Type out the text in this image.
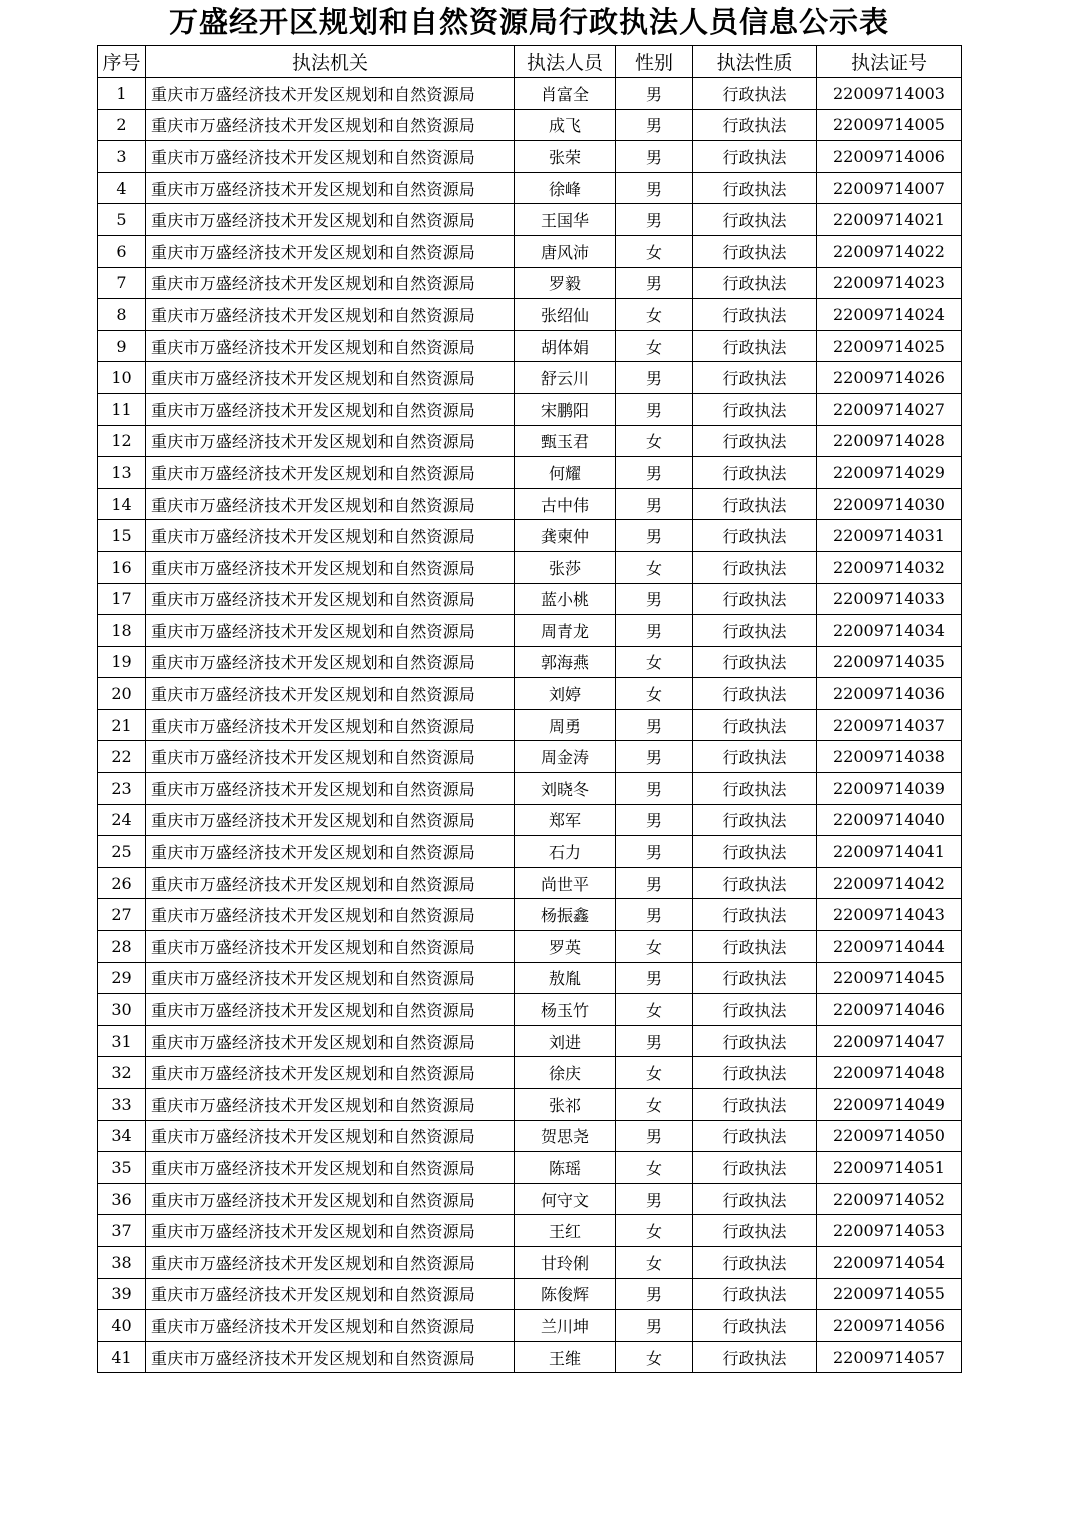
万盛经开区规划和自然资源局行政执法人员信息公示表
序号	执法机关	执法人员	性别	执法性质	执法证号
1	重庆市万盛经济技术开发区规划和自然资源局	肖富全	男	行政执法	22009714003
2	重庆市万盛经济技术开发区规划和自然资源局	成飞	男	行政执法	22009714005
3	重庆市万盛经济技术开发区规划和自然资源局	张荣	男	行政执法	22009714006
4	重庆市万盛经济技术开发区规划和自然资源局	徐峰	男	行政执法	22009714007
5	重庆市万盛经济技术开发区规划和自然资源局	王国华	男	行政执法	22009714021
6	重庆市万盛经济技术开发区规划和自然资源局	唐风沛	女	行政执法	22009714022
7	重庆市万盛经济技术开发区规划和自然资源局	罗毅	男	行政执法	22009714023
8	重庆市万盛经济技术开发区规划和自然资源局	张绍仙	女	行政执法	22009714024
9	重庆市万盛经济技术开发区规划和自然资源局	胡体娟	女	行政执法	22009714025
10	重庆市万盛经济技术开发区规划和自然资源局	舒云川	男	行政执法	22009714026
11	重庆市万盛经济技术开发区规划和自然资源局	宋鹏阳	男	行政执法	22009714027
12	重庆市万盛经济技术开发区规划和自然资源局	甄玉君	女	行政执法	22009714028
13	重庆市万盛经济技术开发区规划和自然资源局	何耀	男	行政执法	22009714029
14	重庆市万盛经济技术开发区规划和自然资源局	古中伟	男	行政执法	22009714030
15	重庆市万盛经济技术开发区规划和自然资源局	龚柬仲	男	行政执法	22009714031
16	重庆市万盛经济技术开发区规划和自然资源局	张莎	女	行政执法	22009714032
17	重庆市万盛经济技术开发区规划和自然资源局	蓝小桃	男	行政执法	22009714033
18	重庆市万盛经济技术开发区规划和自然资源局	周青龙	男	行政执法	22009714034
19	重庆市万盛经济技术开发区规划和自然资源局	郭海燕	女	行政执法	22009714035
20	重庆市万盛经济技术开发区规划和自然资源局	刘婷	女	行政执法	22009714036
21	重庆市万盛经济技术开发区规划和自然资源局	周勇	男	行政执法	22009714037
22	重庆市万盛经济技术开发区规划和自然资源局	周金涛	男	行政执法	22009714038
23	重庆市万盛经济技术开发区规划和自然资源局	刘晓冬	男	行政执法	22009714039
24	重庆市万盛经济技术开发区规划和自然资源局	郑军	男	行政执法	22009714040
25	重庆市万盛经济技术开发区规划和自然资源局	石力	男	行政执法	22009714041
26	重庆市万盛经济技术开发区规划和自然资源局	尚世平	男	行政执法	22009714042
27	重庆市万盛经济技术开发区规划和自然资源局	杨振鑫	男	行政执法	22009714043
28	重庆市万盛经济技术开发区规划和自然资源局	罗英	女	行政执法	22009714044
29	重庆市万盛经济技术开发区规划和自然资源局	敖胤	男	行政执法	22009714045
30	重庆市万盛经济技术开发区规划和自然资源局	杨玉竹	女	行政执法	22009714046
31	重庆市万盛经济技术开发区规划和自然资源局	刘进	男	行政执法	22009714047
32	重庆市万盛经济技术开发区规划和自然资源局	徐庆	女	行政执法	22009714048
33	重庆市万盛经济技术开发区规划和自然资源局	张祁	女	行政执法	22009714049
34	重庆市万盛经济技术开发区规划和自然资源局	贺思尧	男	行政执法	22009714050
35	重庆市万盛经济技术开发区规划和自然资源局	陈瑶	女	行政执法	22009714051
36	重庆市万盛经济技术开发区规划和自然资源局	何守文	男	行政执法	22009714052
37	重庆市万盛经济技术开发区规划和自然资源局	王红	女	行政执法	22009714053
38	重庆市万盛经济技术开发区规划和自然资源局	甘玲俐	女	行政执法	22009714054
39	重庆市万盛经济技术开发区规划和自然资源局	陈俊辉	男	行政执法	22009714055
40	重庆市万盛经济技术开发区规划和自然资源局	兰川坤	男	行政执法	22009714056
41	重庆市万盛经济技术开发区规划和自然资源局	王维	女	行政执法	22009714057
